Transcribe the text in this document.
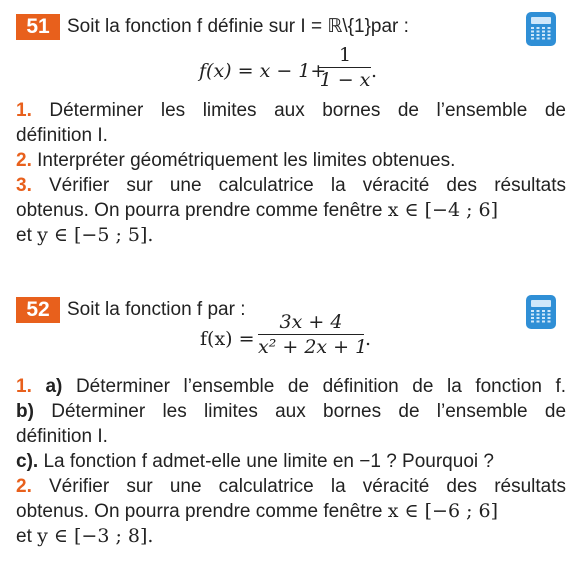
51 Soit la fonction f définie sur I = ℝ\{1}par :
f(x) = x − 1+
1
1 − x .
1. Déterminer les limites aux bornes de l’ensemble de
définition I.
2. Interpréter géométriquement les limites obtenues.
3. Vérifier sur une calculatrice la véracité des résultats
obtenus. On pourra prendre comme fenêtre x ∈ [−4 ; 6]
et y ∈ [−5 ; 5].
52 Soit la fonction f par :
f(x) =
3x + 4
x² + 2x + 1
.
1. a) Déterminer l’ensemble de définition de la fonction f.
b) Déterminer les limites aux bornes de l’ensemble de
définition I.
c). La fonction f admet-elle une limite en −1 ? Pourquoi ?
2. Vérifier sur une calculatrice la véracité des résultats
obtenus. On pourra prendre comme fenêtre x ∈ [−6 ; 6]
et y ∈ [−3 ; 8].
